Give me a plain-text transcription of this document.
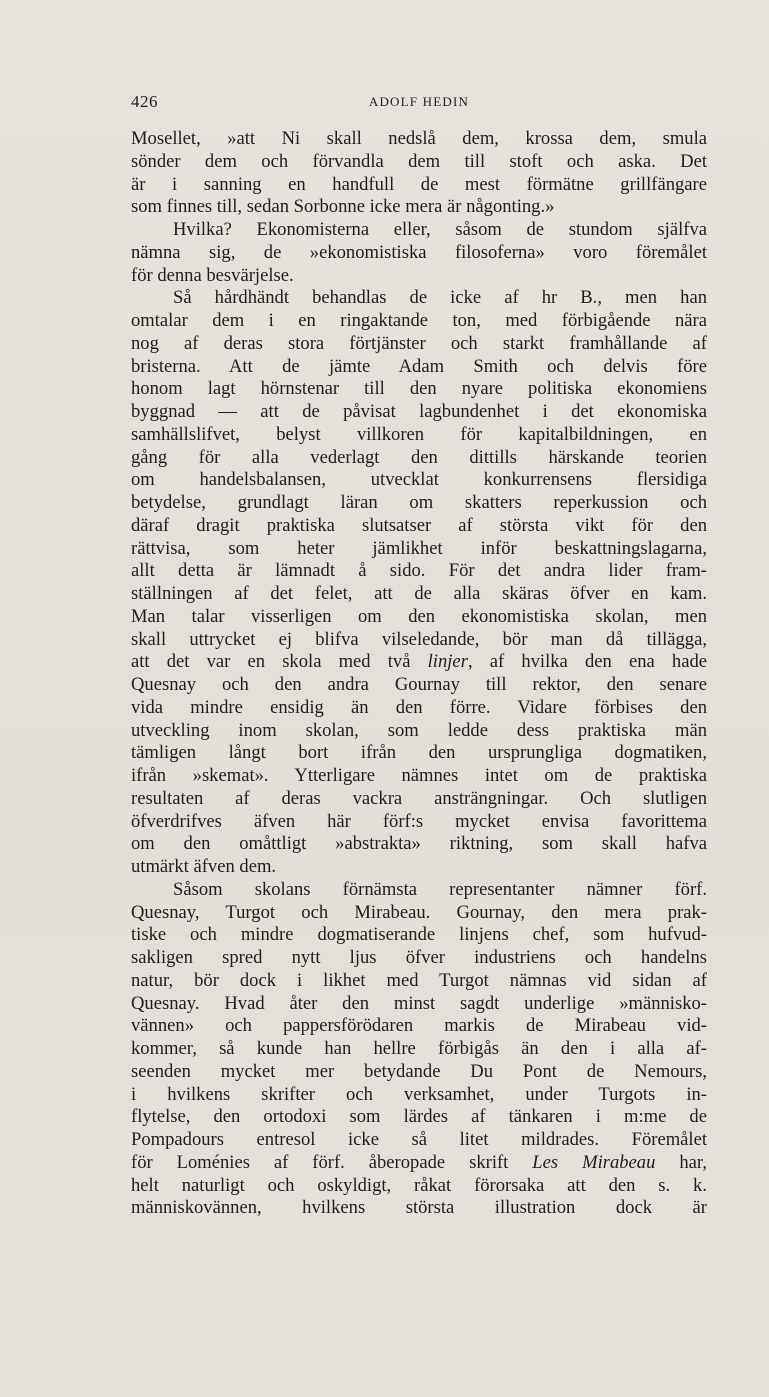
426	ADOLF HEDIN
Mosellet, »att Ni skall nedslå dem, krossa dem, smula
sönder dem och förvandla dem till stoft och aska. Det
är i sanning en handfull de mest förmätne grillfängare
som finnes till, sedan Sorbonne icke mera är någonting.»
Hvilka? Ekonomisterna eller, såsom de stundom själfva
nämna sig, de »ekonomistiska filosoferna» voro föremålet
för denna besvärjelse.
Så hårdhändt behandlas de icke af hr B., men han
omtalar dem i en ringaktande ton, med förbigående nära
nog af deras stora förtjänster och starkt framhållande af
bristerna. Att de jämte Adam Smith och delvis före
honom lagt hörnstenar till den nyare politiska ekonomiens
byggnad — att de påvisat lagbundenhet i det ekonomiska
samhällslifvet, belyst villkoren för kapitalbildningen, en
gång för alla vederlagt den dittills härskande teorien
om handelsbalansen, utvecklat konkurrensens flersidiga
betydelse, grundlagt läran om skatters reperkussion och
däraf dragit praktiska slutsatser af största vikt för den
rättvisa, som heter jämlikhet inför beskattningslagarna,
allt detta är lämnadt å sido. För det andra lider fram-
ställningen af det felet, att de alla skäras öfver en kam.
Man talar visserligen om den ekonomistiska skolan, men
skall uttrycket ej blifva vilseledande, bör man då tillägga,
att det var en skola med två linjer, af hvilka den ena hade
Quesnay och den andra Gournay till rektor, den senare
vida mindre ensidig än den förre. Vidare förbises den
utveckling inom skolan, som ledde dess praktiska män
tämligen långt bort ifrån den ursprungliga dogmatiken,
ifrån »skemat». Ytterligare nämnes intet om de praktiska
resultaten af deras vackra ansträngningar. Och slutligen
öfverdrifves äfven här förf:s mycket envisa favorittema
om den omåttligt »abstrakta» riktning, som skall hafva
utmärkt äfven dem.
Såsom skolans förnämsta representanter nämner förf.
Quesnay, Turgot och Mirabeau. Gournay, den mera prak-
tiske och mindre dogmatiserande linjens chef, som hufvud-
sakligen spred nytt ljus öfver industriens och handelns
natur, bör dock i likhet med Turgot nämnas vid sidan af
Quesnay. Hvad åter den minst sagdt underlige »människo-
vännen» och pappersförödaren markis de Mirabeau vid-
kommer, så kunde han hellre förbigås än den i alla af-
seenden mycket mer betydande Du Pont de Nemours,
i hvilkens skrifter och verksamhet, under Turgots in-
flytelse, den ortodoxi som lärdes af tänkaren i m:me de
Pompadours entresol icke så litet mildrades. Föremålet
för Loménies af förf. åberopade skrift Les Mirabeau har,
helt naturligt och oskyldigt, råkat förorsaka att den s. k.
människovännen, hvilkens största illustration dock är
